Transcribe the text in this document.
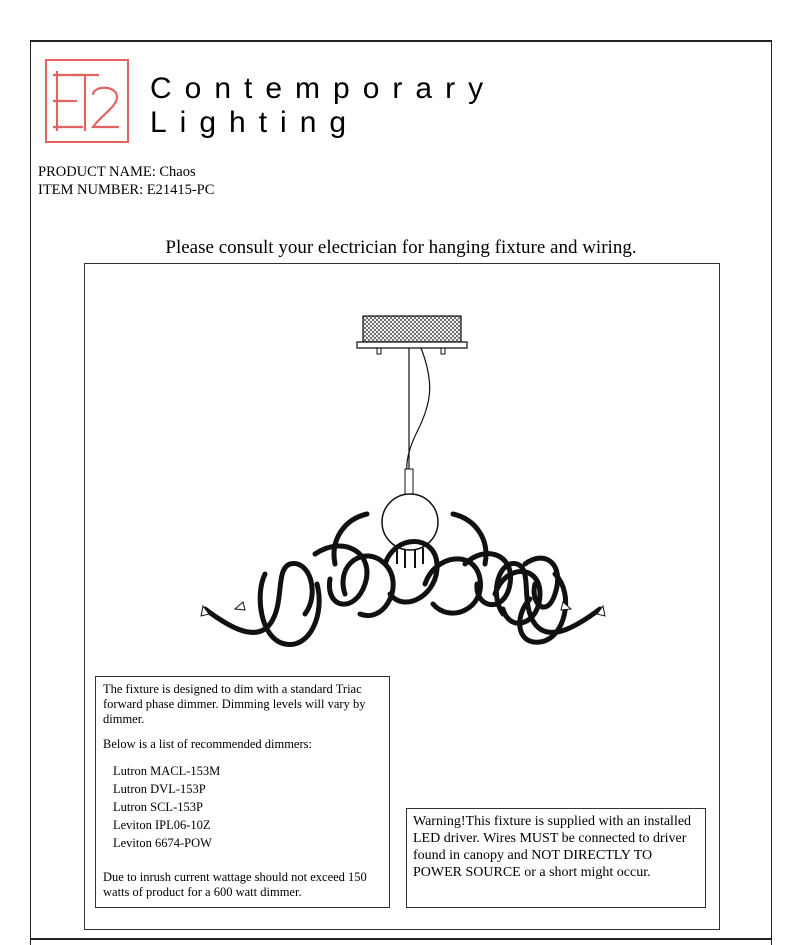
Contemporary
Lighting
PRODUCT NAME: Chaos
ITEM NUMBER: E21415-PC
Please consult your electrician for hanging fixture and wiring.

The fixture is designed to dim with a standard Triac forward phase dimmer. Dimming levels will vary by dimmer.

Below is a list of recommended dimmers:

Lutron MACL-153M
Lutron DVL-153P
Lutron SCL-153P
Leviton IPL06-10Z
Leviton 6674-POW

Due to inrush current wattage should not exceed 150 watts of product for a 600 watt dimmer.

Warning!This fixture is supplied with an installed LED driver. Wires MUST be connected to driver found in canopy and NOT DIRECTLY TO POWER SOURCE or a short might occur.
